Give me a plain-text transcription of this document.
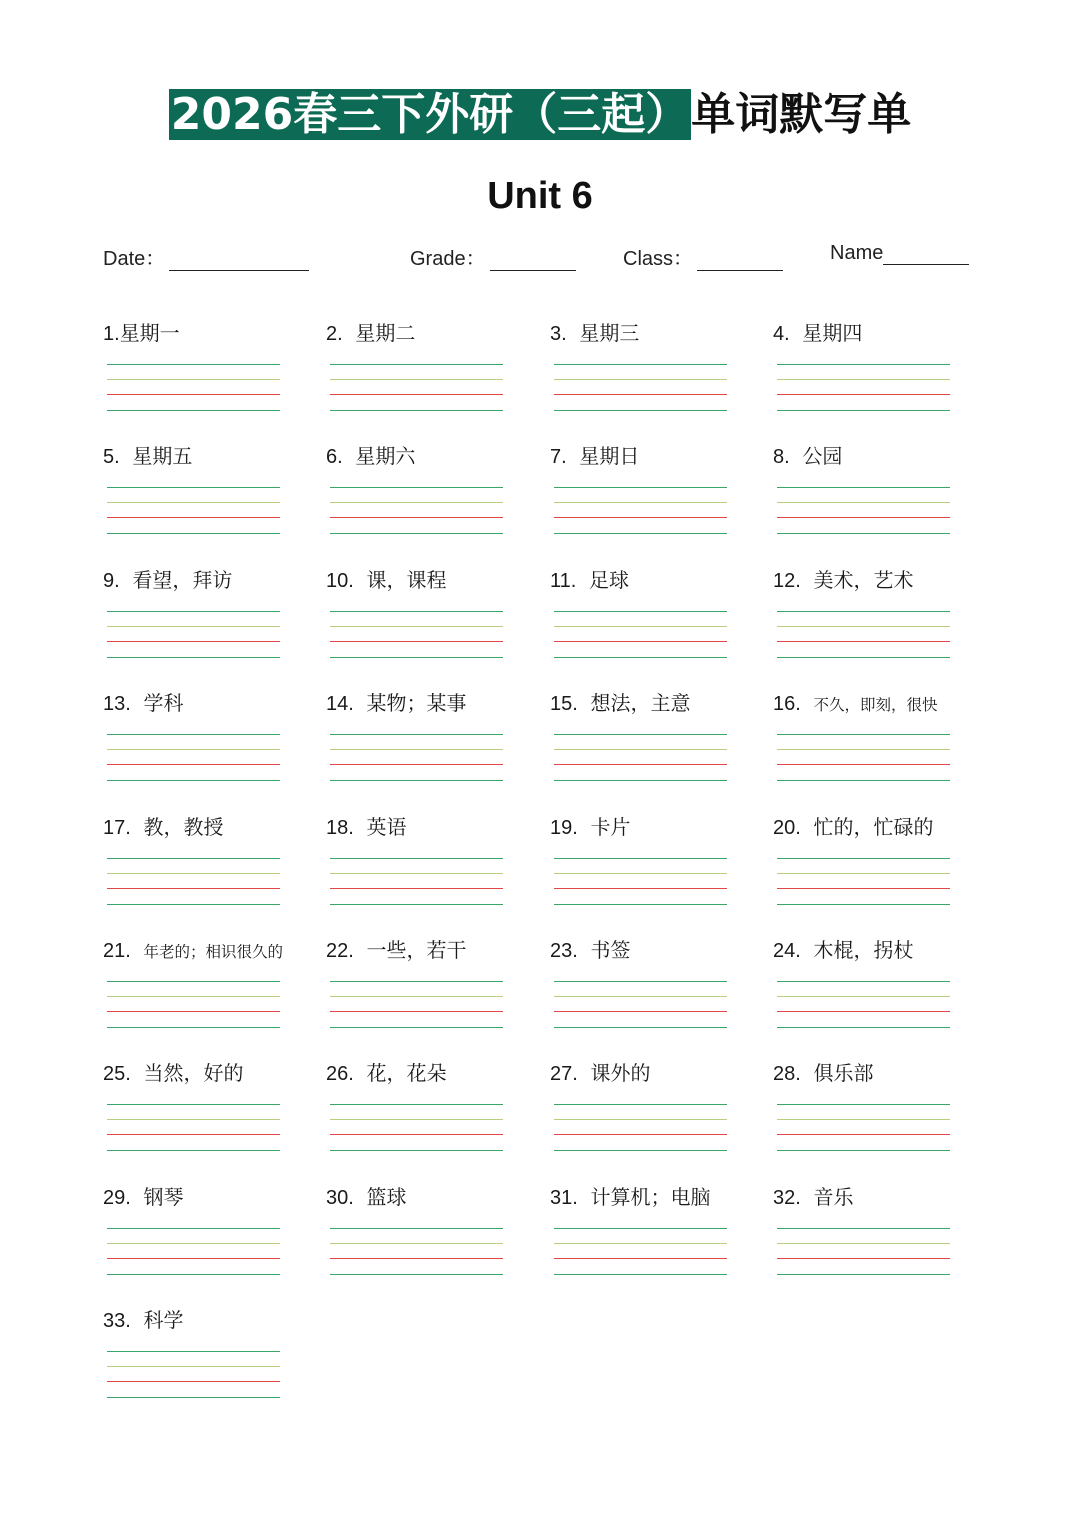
2026春三下外研（三起）单词默写单
Unit 6
Date：	Grade：	Class：	Name
1.星期一	2. 星期二	3. 星期三	4. 星期四
5. 星期五	6. 星期六	7. 星期日	8. 公园
9. 看望，拜访	10. 课，课程	11. 足球	12. 美术，艺术
13. 学科	14. 某物；某事	15. 想法，主意	16. 不久，即刻，很快
17. 教，教授	18. 英语	19. 卡片	20. 忙的，忙碌的
21. 年老的；相识很久的 22. 一些，若干	23. 书签	24. 木棍，拐杖
25. 当然，好的	26. 花，花朵	27. 课外的	28. 俱乐部
29. 钢琴	30. 篮球	31. 计算机；电脑	32. 音乐
33. 科学
